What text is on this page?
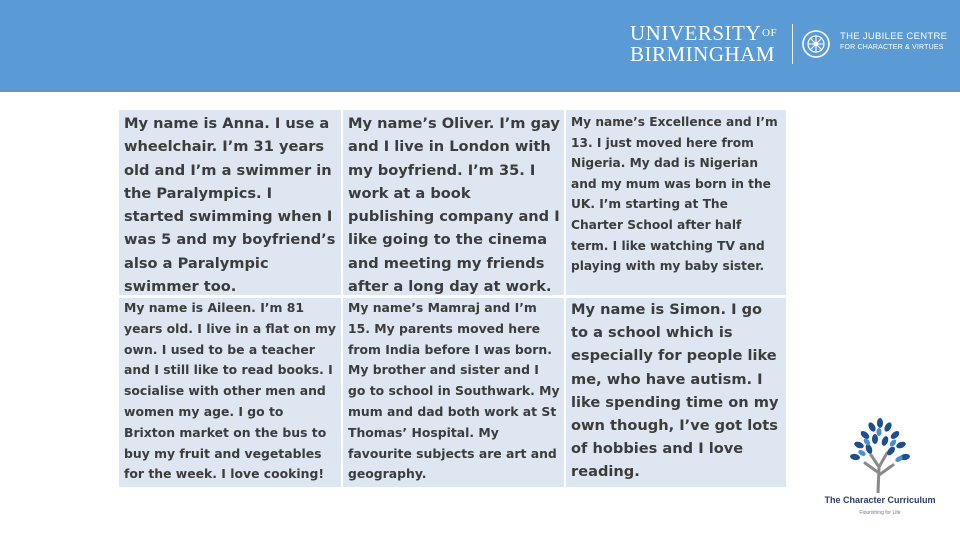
$UNIVERSITY^{OF}$
BIRMINGHAM
THE JUBILEE CENTRE
FOR CHARACTER & VIRTUES
My name is Anna. I use a wheelchair. I’m 31 years old and I’m a swimmer in the Paralympics. I started swimming when I was 5 and my boyfriend’s also a Paralympic swimmer too.
My name’s Oliver. I’m gay and I live in London with my boyfriend. I’m 35. I work at a book publishing company and I like going to the cinema and meeting my friends after a long day at work.
My name’s Excellence and I’m 13. I just moved here from Nigeria. My dad is Nigerian and my mum was born in the UK. I’m starting at The Charter School after half term. I like watching TV and playing with my baby sister.
My name is Aileen. I’m 81 years old. I live in a flat on my own. I used to be a teacher and I still like to read books. I socialise with other men and women my age. I go to Brixton market on the bus to buy my fruit and vegetables for the week. I love cooking!
My name’s Mamraj and I’m 15. My parents moved here from India before I was born. My brother and sister and I go to school in Southwark. My mum and dad both work at St Thomas’ Hospital. My favourite subjects are art and geography.
My name is Simon. I go to a school which is especially for people like me, who have autism. I like spending time on my own though, I’ve got lots of hobbies and I love reading.
The Character Curriculum
Flourishing for Life
